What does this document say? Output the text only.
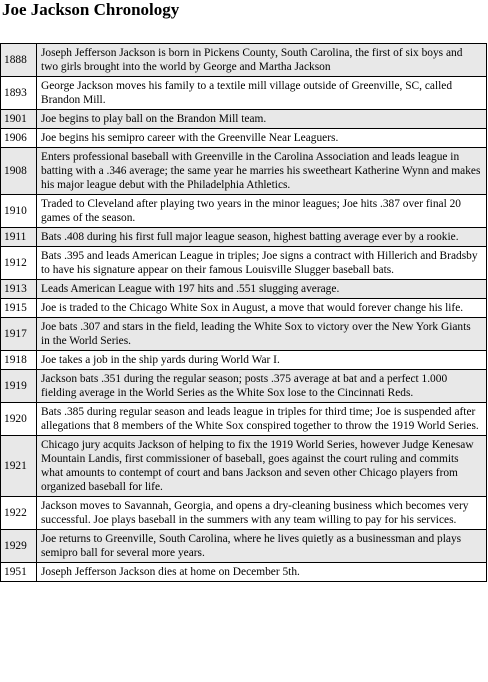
Joe Jackson Chronology
1888	Joseph Jefferson Jackson is born in Pickens County, South Carolina, the first of six boys and two girls brought into the world by George and Martha Jackson
1893	George Jackson moves his family to a textile mill village outside of Greenville, SC, called Brandon Mill.
1901	Joe begins to play ball on the Brandon Mill team.
1906	Joe begins his semipro career with the Greenville Near Leaguers.
1908	Enters professional baseball with Greenville in the Carolina Association and leads league in batting with a .346 average; the same year he marries his sweetheart Katherine Wynn and makes his major league debut with the Philadelphia Athletics.
1910	Traded to Cleveland after playing two years in the minor leagues; Joe hits .387 over final 20 games of the season.
1911	Bats .408 during his first full major league season, highest batting average ever by a rookie.
1912	Bats .395 and leads American League in triples; Joe signs a contract with Hillerich and Bradsby to have his signature appear on their famous Louisville Slugger baseball bats.
1913	Leads American League with 197 hits and .551 slugging average.
1915	Joe is traded to the Chicago White Sox in August, a move that would forever change his life.
1917	Joe bats .307 and stars in the field, leading the White Sox to victory over the New York Giants in the World Series.
1918	Joe takes a job in the ship yards during World War I.
1919	Jackson bats .351 during the regular season; posts .375 average at bat and a perfect 1.000 fielding average in the World Series as the White Sox lose to the Cincinnati Reds.
1920	Bats .385 during regular season and leads league in triples for third time; Joe is suspended after allegations that 8 members of the White Sox conspired together to throw the 1919 World Series.
1921	Chicago jury acquits Jackson of helping to fix the 1919 World Series, however Judge Kenesaw Mountain Landis, first commissioner of baseball, goes against the court ruling and commits what amounts to contempt of court and bans Jackson and seven other Chicago players from organized baseball for life.
1922	Jackson moves to Savannah, Georgia, and opens a dry-cleaning business which becomes very successful. Joe plays baseball in the summers with any team willing to pay for his services.
1929	Joe returns to Greenville, South Carolina, where he lives quietly as a businessman and plays semipro ball for several more years.
1951	Joseph Jefferson Jackson dies at home on December 5th.
